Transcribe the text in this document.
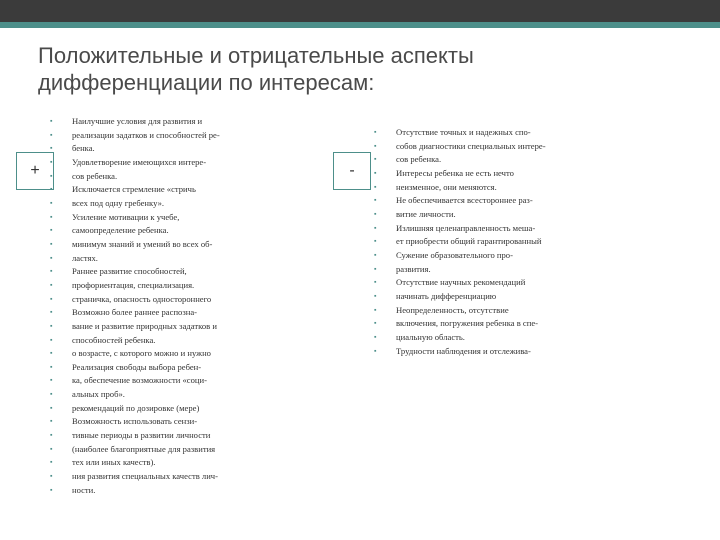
Положительные и отрицательные аспекты
дифференциации по интересам:
+	-
▪ Наилучшие условия для развития и
▪ реализации задатков и способностей ре-
▪ бенка.
▪ Удовлетворение имеющихся интере-
▪ сов ребенка.
▪ Исключается стремление «стричь
▪ всех под одну гребенку».
▪ Усиление мотивации к учебе,
▪ самоопределение ребенка.
▪ минимум знаний и умений во всех об-
▪ ластях.
▪ Раннее развитие способностей,
▪ профориентация, специализация.
▪ страничка, опасность одностороннего
▪ Возможно более раннее распозна-
▪ вание и развитие природных задатков и
▪ способностей ребенка.
▪ о возрасте, с которого можно и нужно
▪ Реализация свободы выбора ребен-
▪ ка, обеспечение возможности «соци-
▪ альных проб».
▪ рекомендаций по дозировке (мере)
▪ Возможность использовать сензи-
▪ тивные периоды в развитии личности
▪ (наиболее благоприятные для развития
▪ тех или иных качеств).
▪ ния развития специальных качеств лич-
▪ ности.
▪ Отсутствие точных и надежных спо-
▪ собов диагностики специальных интере-
▪ сов ребенка.
▪ Интересы ребенка не есть нечто
▪ неизменное, они меняются.
▪ Не обеспечивается всестороннее раз-
▪ витие личности.
▪ Излишняя целенаправленность меша-
▪ ет приобрести общий гарантированный
▪ Сужение образовательного про-
▪ развития.
▪ Отсутствие научных рекомендаций
▪ начинать дифференциацию
▪ Неопределенность, отсутствие
▪ включения, погружения ребенка в спе-
▪ циальную область.
▪ Трудности наблюдения и отслежива-
